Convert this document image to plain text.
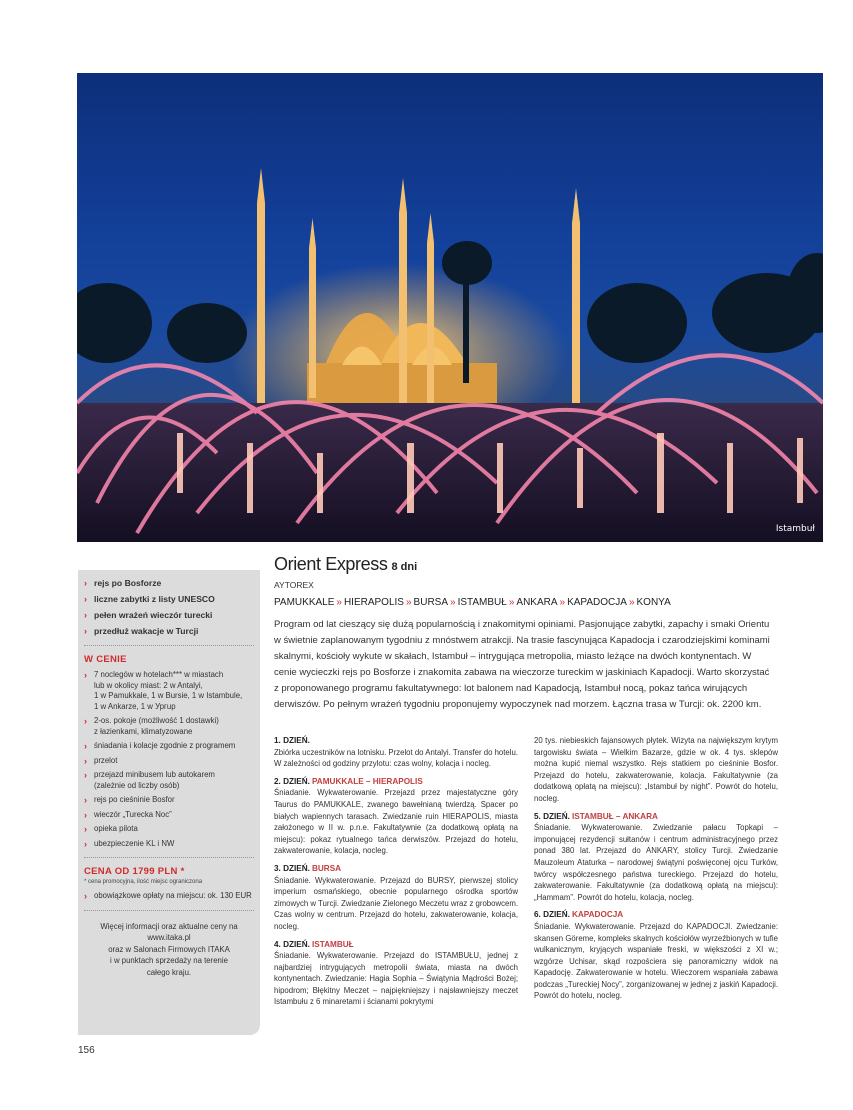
Istambuł
› rejs po Bosforze
› liczne zabytki z listy UNESCO
› pełen wrażeń wieczór turecki
› przedłuż wakacje w Turcji
W CENIE
› 7 noclegów w hotelach*** w miastach
lub w okolicy miast: 2 w Antalyi,
1 w Pamukkale, 1 w Bursie, 1 w Istambule,
1 w Ankarze, 1 w Ургup
› 2-os. pokoje (możliwość 1 dostawki)
z łazienkami, klimatyzowane
› śniadania i kolacje zgodnie z programem
› przelot
› przejazd minibusem lub autokarem
(zależnie od liczby osób)
› rejs po cieśninie Bosfor
› wieczór „Turecka Noc”
› opieka pilota
› ubezpieczenie KL i NW
CENA OD 1799 PLN *
* cena promocyjna, ilość miejsc ograniczona
› obowiązkowe opłaty na miejscu: ok. 130 EUR
Więcej informacji oraz aktualne ceny na
www.itaka.pl
oraz w Salonach Firmowych ITAKA
i w punktach sprzedaży na terenie
całego kraju.
156
Orient Express 8 dni
AYTOREX
PAMUKKALE » HIERAPOLIS » BURSA » ISTAMBUŁ » ANKARA » KAPADOCJA » KONYA

Program od lat cieszący się dużą popularnością i znakomitymi opiniami. Pasjonujące zabytki, zapachy i smaki Orientu w świetnie zaplanowanym tygodniu z mnóstwem atrakcji. Na trasie fascynująca Kapadocja i czarodziejskimi kominami skalnymi, kościoły wykute w skałach, Istambuł – intrygująca metropolia, miasto leżące na dwóch kontynentach. W cenie wycieczki rejs po Bosforze i znakomita zabawa na wieczorze tureckim w jaskiniach Kapadocji. Warto skorzystać z proponowanego programu fakultatywnego: lot balonem nad Kapadocją, Istambuł nocą, pokaz tańca wirujących derwiszów. Po pełnym wrażeń tygodniu proponujemy wypoczynek nad morzem. Łączna trasa w Turcji: ok. 2200 km.

1. DZIEŃ.

Zbiórka uczestników na lotnisku. Przelot do Antalyi. Transfer do hotelu. W zależności od godziny przylotu: czas wolny, kolacja i nocleg.

2. DZIEŃ. PAMUKKALE – HIERAPOLIS

Śniadanie. Wykwaterowanie. Przejazd przez majestatyczne góry Taurus do PAMUKKALE, zwanego bawełnianą twierdzą. Spacer po białych wapiennych tarasach. Zwiedzanie ruin HIERAPOLIS, miasta założonego w II w. p.n.e. Fakultatywnie (za dodatkową opłatą na miejscu): pokaz rytualnego tańca derwiszów. Przejazd do hotelu, zakwaterowanie, kolacja, nocleg.

3. DZIEŃ. BURSA

Śniadanie. Wykwaterowanie. Przejazd do BURSY, pierwszej stolicy imperium osmańskiego, obecnie popularnego ośrodka sportów zimowych w Turcji. Zwiedzanie Zielonego Meczetu wraz z grobowcem. Czas wolny w centrum. Przejazd do hotelu, zakwaterowanie, kolacja, nocleg.

4. DZIEŃ. ISTAMBUŁ

Śniadanie. Wykwaterowanie. Przejazd do ISTAMBUŁU, jednej z najbardziej intrygujących metropolii świata, miasta na dwóch kontynentach. Zwiedzanie: Hagia Sophia – Świątynia Mądrości Bożej; hipodrom; Błękitny Meczet – najpiękniejszy i najsławniejszy meczet Istambułu z 6 minaretami i ścianami pokrytymi

20 tys. niebieskich fajansowych płytek. Wizyta na największym krytym targowisku świata – Wielkim Bazarze, gdzie w ok. 4 tys. sklepów można kupić niemal wszystko. Rejs statkiem po cieśninie Bosfor. Przejazd do hotelu, zakwaterowanie, kolacja. Fakultatywnie (za dodatkową opłatą na miejscu): „Istambuł by night”. Powrót do hotelu, nocleg.

5. DZIEŃ. ISTAMBUŁ – ANKARA

Śniadanie. Wykwaterowanie. Zwiedzanie pałacu Topkapi – imponującej rezydencji sułtanów i centrum administracyjnego przez ponad 380 lat. Przejazd do ANKARY, stolicy Turcji. Zwiedzanie Mauzoleum Ataturka – narodowej świątyni poświęconej ojcu Turków, twórcy współczesnego państwa tureckiego. Przejazd do hotelu, zakwaterowanie. Fakultatywnie (za dodatkową opłatą na miejscu): „Hammam”. Powrót do hotelu, kolacja, nocleg.

6. DZIEŃ. KAPADOCJA

Śniadanie. Wykwaterowanie. Przejazd do KAPADOCJI. Zwiedzanie: skansen Göreme, kompleks skalnych kościołów wyrzeźbionych w tufie wulkanicznym, kryjących wspaniałe freski, w większości z XI w.; wzgórze Uchisar, skąd rozpościera się panoramiczny widok na Kapadocję. Zakwaterowanie w hotelu. Wieczorem wspaniała zabawa podczas „Tureckiej Nocy”, zorganizowanej w jednej z jaskiń Kapadocji. Powrót do hotelu, nocleg.
